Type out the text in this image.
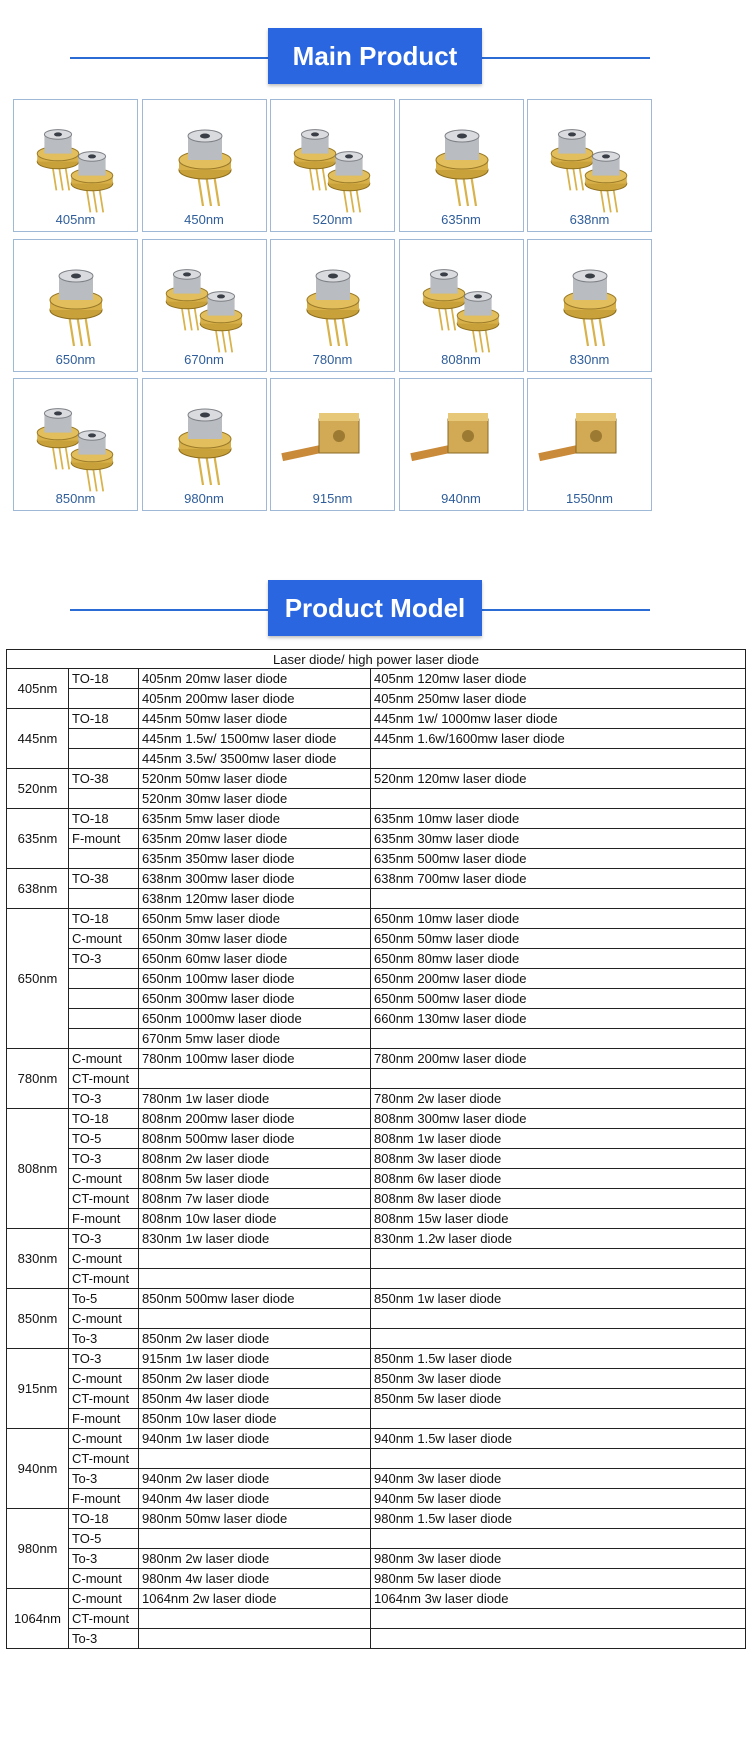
Main Product
405nm	450nm	520nm	635nm	638nm
650nm	670nm	780nm	808nm	830nm
850nm	980nm	915nm	940nm	1550nm
Product Model
Laser diode/ high power laser diode			
405nm	TO-18	405nm 20mw laser diode	405nm 120mw laser diode
		405nm 200mw laser diode	405nm 250mw laser diode
445nm	TO-18	445nm 50mw laser diode	445nm 1w/ 1000mw laser diode
		445nm 1.5w/ 1500mw laser diode	445nm 1.6w/1600mw laser diode
		445nm 3.5w/ 3500mw laser diode	
520nm	TO-38	520nm 50mw laser diode	520nm 120mw laser diode
		520nm 30mw laser diode	
635nm	TO-18	635nm 5mw laser diode	635nm 10mw laser diode
	F-mount	635nm 20mw laser diode	635nm 30mw laser diode
		635nm 350mw laser diode	635nm 500mw laser diode
638nm	TO-38	638nm 300mw laser diode	638nm 700mw laser diode
		638nm 120mw laser diode	
650nm	TO-18	650nm 5mw laser diode	650nm 10mw laser diode
	C-mount	650nm 30mw laser diode	650nm 50mw laser diode
	TO-3	650nm 60mw laser diode	650nm 80mw laser diode
		650nm 100mw laser diode	650nm 200mw laser diode
		650nm 300mw laser diode	650nm 500mw laser diode
		650nm 1000mw laser diode	660nm 130mw laser diode
		670nm 5mw laser diode	
780nm	C-mount	780nm 100mw laser diode	780nm 200mw laser diode
	CT-mount		
	TO-3	780nm 1w laser diode	780nm 2w laser diode
808nm	TO-18	808nm 200mw laser diode	808nm 300mw laser diode
	TO-5	808nm 500mw laser diode	808nm 1w laser diode
	TO-3	808nm 2w laser diode	808nm 3w laser diode
	C-mount	808nm 5w laser diode	808nm 6w laser diode
	CT-mount	808nm 7w laser diode	808nm 8w laser diode
	F-mount	808nm 10w laser diode	808nm 15w laser diode
830nm	TO-3	830nm 1w laser diode	830nm 1.2w laser diode
	C-mount		
	CT-mount		
850nm	To-5	850nm 500mw laser diode	850nm 1w laser diode
	C-mount		
	To-3	850nm 2w laser diode	
915nm	TO-3	915nm 1w laser diode	850nm 1.5w laser diode
	C-mount	850nm 2w laser diode	850nm 3w laser diode
	CT-mount	850nm 4w laser diode	850nm 5w laser diode
	F-mount	850nm 10w laser diode	
940nm	C-mount	940nm 1w laser diode	940nm 1.5w laser diode
	CT-mount		
	To-3	940nm 2w laser diode	940nm 3w laser diode
	F-mount	940nm 4w laser diode	940nm 5w laser diode
980nm	TO-18	980nm 50mw laser diode	980nm 1.5w laser diode
	TO-5		
	To-3	980nm 2w laser diode	980nm 3w laser diode
	C-mount	980nm 4w laser diode	980nm 5w laser diode
1064nm	C-mount	1064nm 2w laser diode	1064nm 3w laser diode
	CT-mount		
	To-3		
